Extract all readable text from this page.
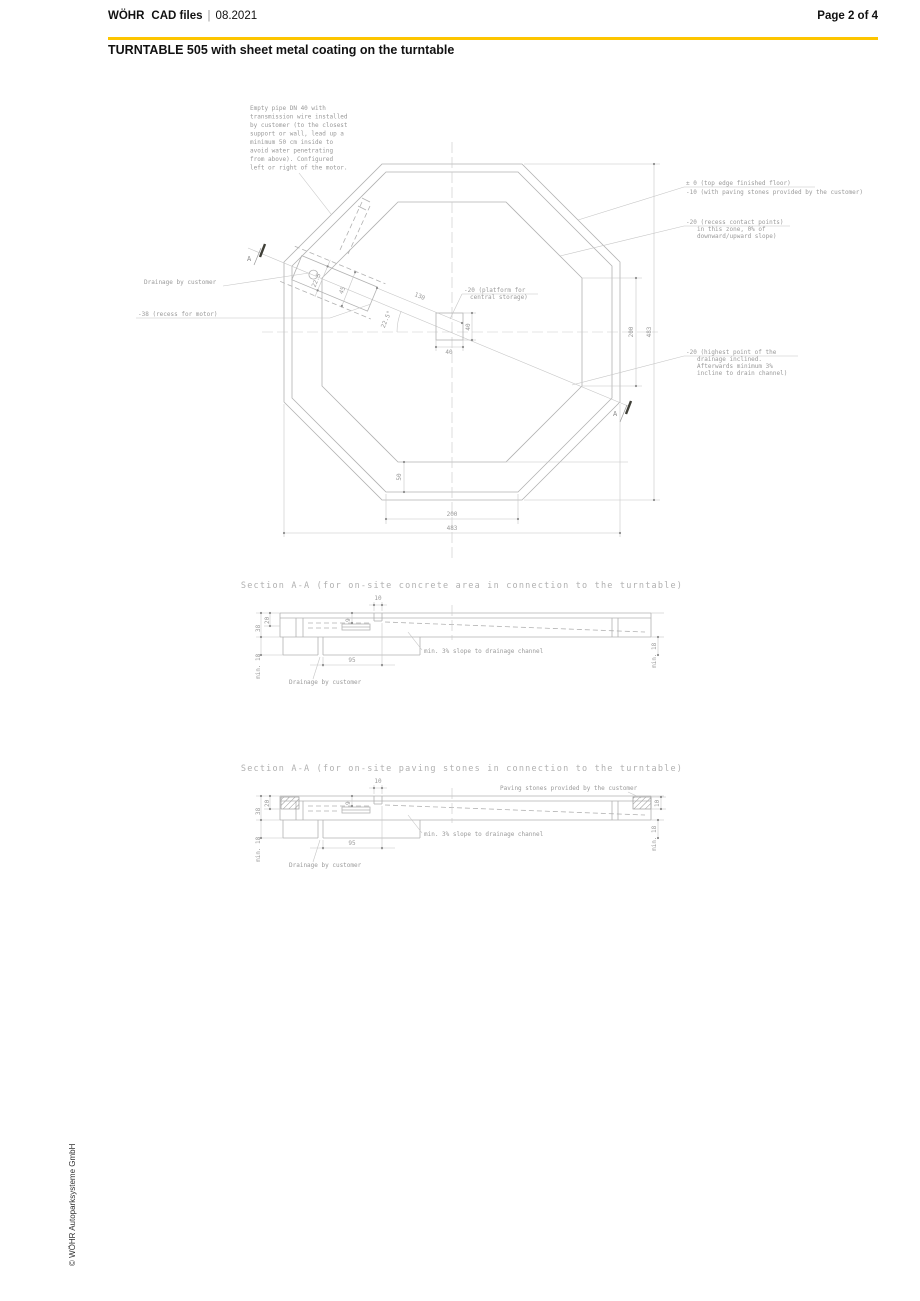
WÖHR CAD files | 08.2021	Page 2 of 4
TURNTABLE 505 with sheet metal coating on the turntable
A
A
Empty pipe DN 40 with
transmission wire installed
by customer (to the closest
support or wall, lead up a
minimum 50 cm inside to
avoid water penetrating
from above). Configured
left or right of the motor.
± 0 (top edge finished floor)
-10 (with paving stones provided by the customer)
-20 (recess contact points)
in this zone, 0% of
downward/upward slope)
-20 (highest point of the
drainage inclined.
Afterwards minimum 3%
incline to drain channel)
Drainage by customer
-38 (recess for motor)
-20 (platform for
central storage)
130
22.5
45
22.5°	40
40
200 483
50
200
483
Section A-A (for on-site concrete area in connection to the turntable)
10
9
20
38
min. 18	95
min. 3% slope to drainage channel
Drainage by customer
min. 18
Section A-A (for on-site paving stones in connection to the turntable)
Paving stones provided by the customer
10
10
9
20
38
min. 18	95
min. 3% slope to drainage channel
Drainage by customer
min. 18
© WÖHR Autoparksysteme GmbH
